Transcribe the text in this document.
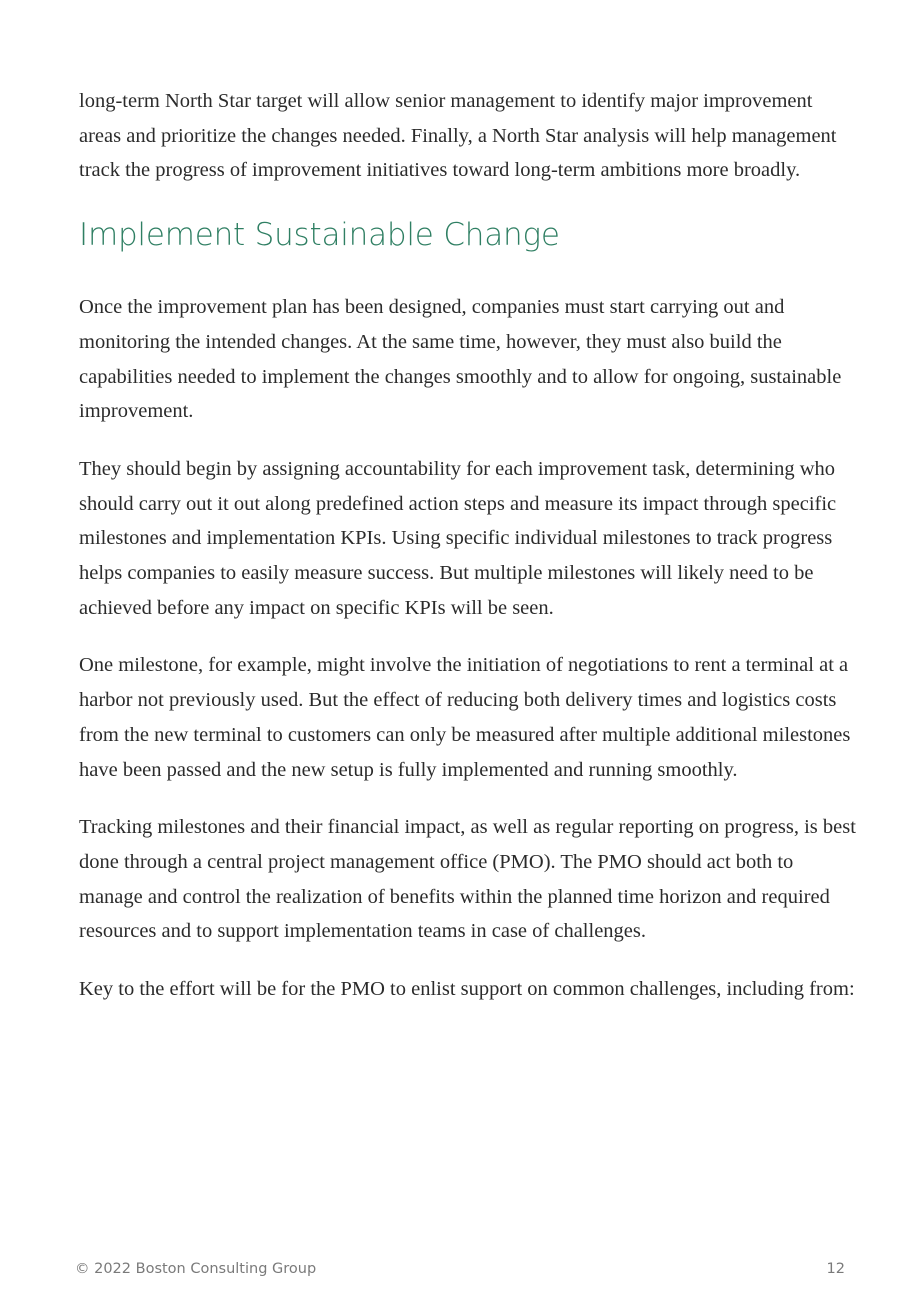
long-term North Star target will allow senior management to identify major improvement areas and prioritize the changes needed. Finally, a North Star analysis will help management track the progress of improvement initiatives toward long-term ambitions more broadly.

Implement Sustainable Change

Once the improvement plan has been designed, companies must start carrying out and monitoring the intended changes. At the same time, however, they must also build the capabilities needed to implement the changes smoothly and to allow for ongoing, sustainable improvement.

They should begin by assigning accountability for each improvement task, determining who should carry out it out along predefined action steps and measure its impact through specific milestones and implementation KPIs. Using specific individual milestones to track progress helps companies to easily measure success. But multiple milestones will likely need to be achieved before any impact on specific KPIs will be seen.

One milestone, for example, might involve the initiation of negotiations to rent a terminal at a harbor not previously used. But the effect of reducing both delivery times and logistics costs from the new terminal to customers can only be measured after multiple additional milestones have been passed and the new setup is fully implemented and running smoothly.

Tracking milestones and their financial impact, as well as regular reporting on progress, is best done through a central project management office (PMO). The PMO should act both to manage and control the realization of benefits within the planned time horizon and required resources and to support implementation teams in case of challenges.

Key to the effort will be for the PMO to enlist support on common challenges, including from:

© 2022 Boston Consulting Group	12
